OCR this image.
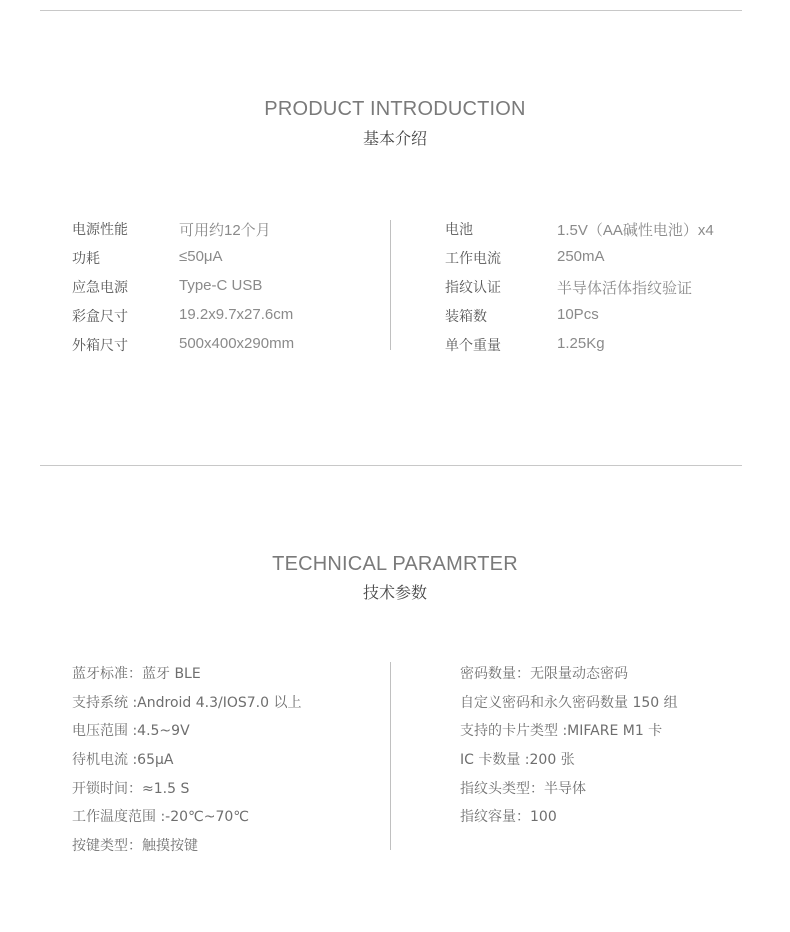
PRODUCT INTRODUCTION
基本介绍
电源性能	可用约12个月
功耗	≤50μA
应急电源	Type-C USB
彩盒尺寸	19.2x9.7x27.6cm
外箱尺寸	500x400x290mm
电池	1.5V（AA碱性电池）x4
工作电流	250mA
指纹认证	半导体活体指纹验证
装箱数	10Pcs
单个重量	1.25Kg
TECHNICAL PARAMRTER
技术参数
蓝牙标准：蓝牙 BLE
支持系统 :Android 4.3/IOS7.0 以上
电压范围 :4.5~9V
待机电流 :65μA
开锁时间：≈1.5 S
工作温度范围 :-20℃~70℃
按键类型：触摸按键
密码数量：无限量动态密码
自定义密码和永久密码数量 150 组
支持的卡片类型 :MIFARE M1 卡
IC 卡数量 :200 张
指纹头类型：半导体
指纹容量：100
